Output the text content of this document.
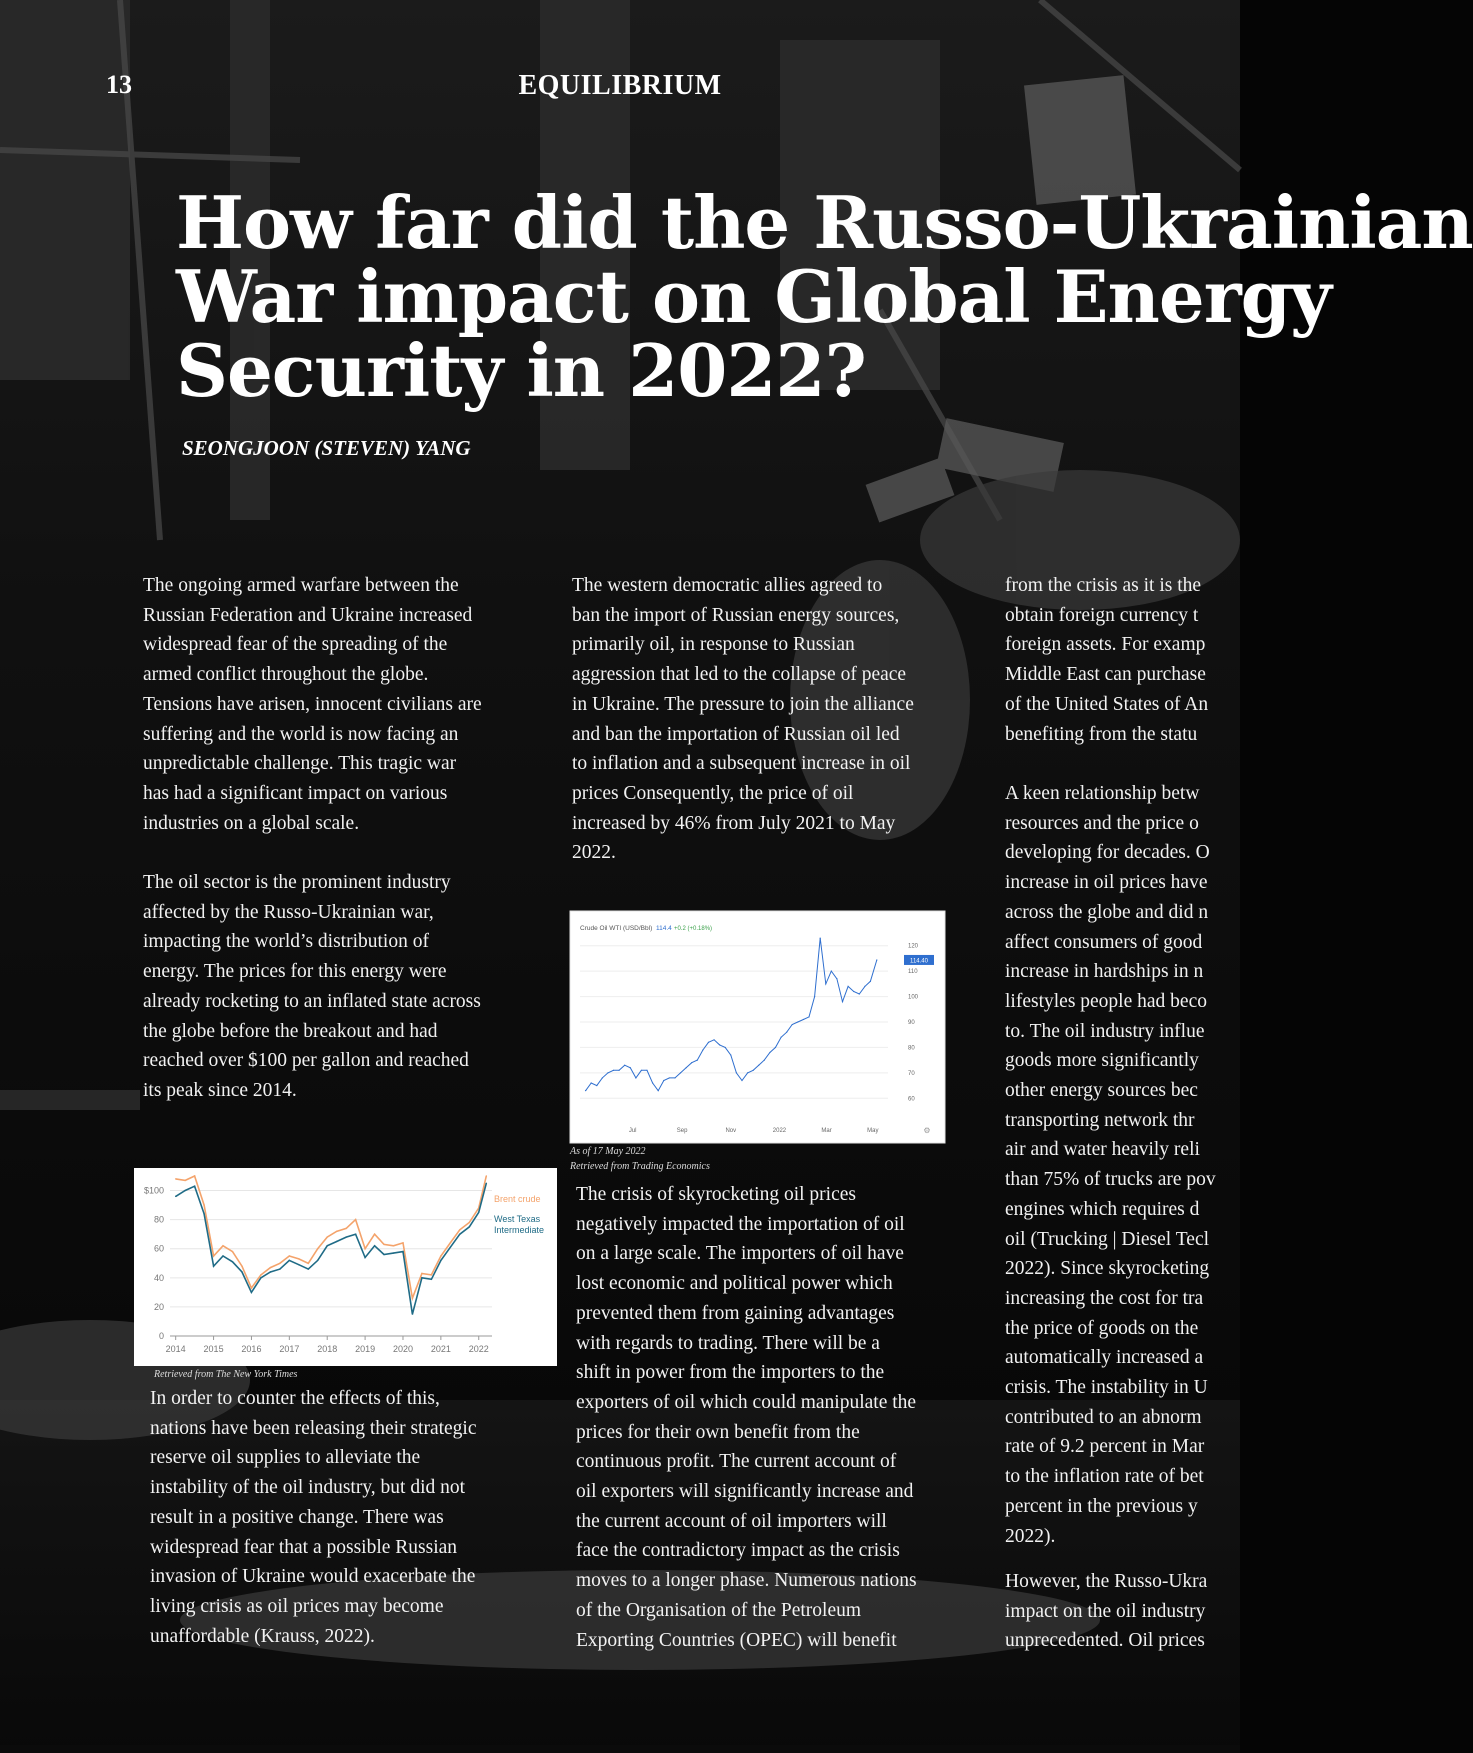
13	EQUILIBRIUM
How far did the Russo-Ukrainian
War impact on Global Energy
Security in 2022?
SEONGJOON (STEVEN) YANG

The ongoing armed warfare between the

Russian Federation and Ukraine increased

widespread fear of the spreading of the

armed conflict throughout the globe.

Tensions have arisen, innocent civilians are

suffering and the world is now facing an

unpredictable challenge. This tragic war

has had a significant impact on various

industries on a global scale.

The oil sector is the prominent industry

affected by the Russo-Ukrainian war,

impacting the world’s distribution of

energy. The prices for this energy were

already rocketing to an inflated state across

the globe before the breakout and had

reached over $100 per gallon and reached

its peak since 2014.

In order to counter the effects of this,

nations have been releasing their strategic

reserve oil supplies to alleviate the

instability of the oil industry, but did not

result in a positive change. There was

widespread fear that a possible Russian

invasion of Ukraine would exacerbate the

living crisis as oil prices may become

unaffordable (Krauss, 2022).

The western democratic allies agreed to

ban the import of Russian energy sources,

primarily oil, in response to Russian

aggression that led to the collapse of peace

in Ukraine. The pressure to join the alliance

and ban the importation of Russian oil led

to inflation and a subsequent increase in oil

prices Consequently, the price of oil

increased by 46% from July 2021 to May

2022.

The crisis of skyrocketing oil prices

negatively impacted the importation of oil

on a large scale. The importers of oil have

lost economic and political power which

prevented them from gaining advantages

with regards to trading. There will be a

shift in power from the importers to the

exporters of oil which could manipulate the

prices for their own benefit from the

continuous profit. The current account of

oil exporters will significantly increase and

the current account of oil importers will

face the contradictory impact as the crisis

moves to a longer phase. Numerous nations

of the Organisation of the Petroleum

Exporting Countries (OPEC) will benefit

from the crisis as it is the

obtain foreign currency t

foreign assets. For examp

Middle East can purchase

of the United States of An

benefiting from the statu

A keen relationship betw

resources and the price o

developing for decades. O

increase in oil prices have

across the globe and did n

affect consumers of good

increase in hardships in n

lifestyles people had beco

to. The oil industry influe

goods more significantly

other energy sources bec

transporting network thr

air and water heavily reli

than 75% of trucks are pov

engines which requires d

oil (Trucking | Diesel Tecl

2022). Since skyrocketing

increasing the cost for tra

the price of goods on the

automatically increased a

crisis. The instability in U

contributed to an abnorm

rate of 9.2 percent in Mar

to the inflation rate of bet

percent in the previous y

2022).

However, the Russo-Ukra

impact on the oil industry

unprecedented. Oil prices

Crude Oil WTI (USD/Bbl) 114.4 +0.2 (+0.18%)
120
110
100
90
80
70
60
Jul	Sep	Nov	2022	Mar	May
114.40
⚙
As of 17 May 2022
Retrieved from Trading Economics
$100
80
60
40
20
0
2014 2015 2016 2017 2018 2019 2020 2021 2022
Brent crude
West Texas
Intermediate
Retrieved from The New York Times
